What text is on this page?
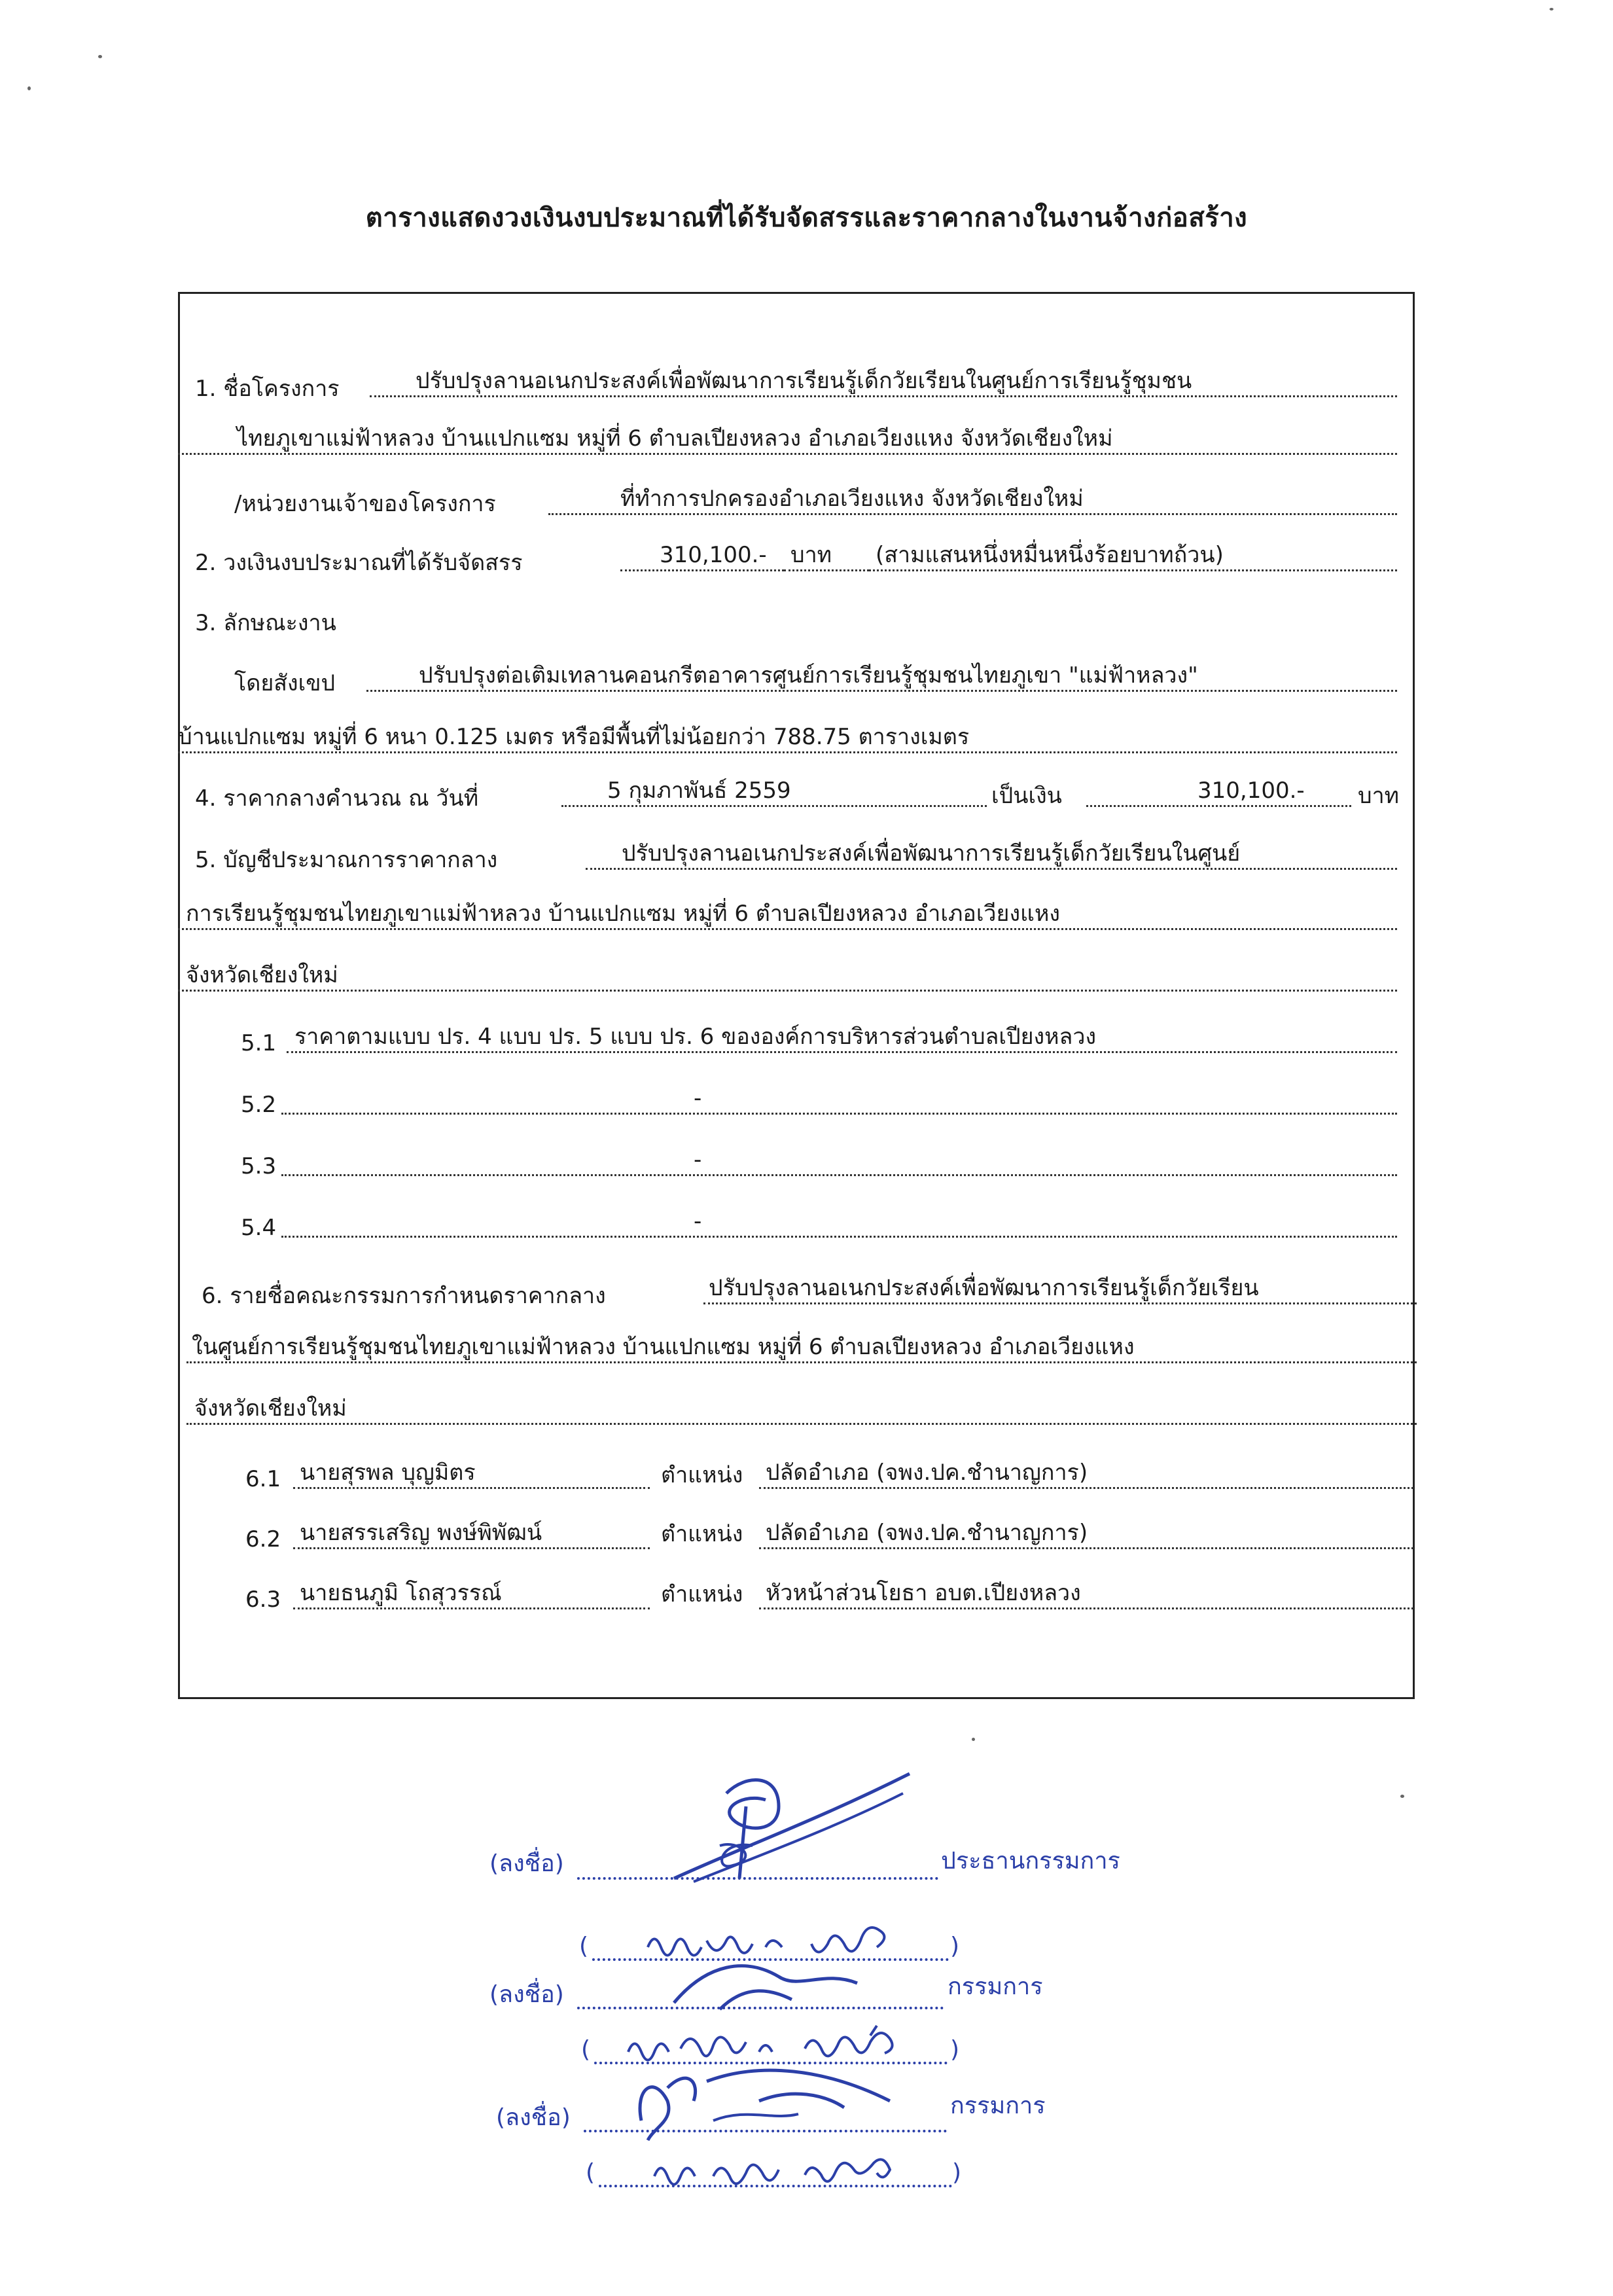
ตารางแสดงวงเงินงบประมาณที่ได้รับจัดสรรและราคากลางในงานจ้างก่อสร้าง
1. ชื่อโครงการ	ปรับปรุงลานอเนกประสงค์เพื่อพัฒนาการเรียนรู้เด็กวัยเรียนในศูนย์การเรียนรู้ชุมชน
ไทยภูเขาแม่ฟ้าหลวง บ้านแปกแซม หมู่ที่ 6 ตำบลเปียงหลวง อำเภอเวียงแหง จังหวัดเชียงใหม่
/หน่วยงานเจ้าของโครงการ	ที่ทำการปกครองอำเภอเวียงแหง จังหวัดเชียงใหม่
2. วงเงินงบประมาณที่ได้รับจัดสรร	310,100.-	บาท	(สามแสนหนึ่งหมื่นหนึ่งร้อยบาทถ้วน)
3. ลักษณะงาน
โดยสังเขป	ปรับปรุงต่อเติมเทลานคอนกรีตอาคารศูนย์การเรียนรู้ชุมชนไทยภูเขา "แม่ฟ้าหลวง"
บ้านแปกแซม หมู่ที่ 6 หนา 0.125 เมตร หรือมีพื้นที่ไม่น้อยกว่า 788.75 ตารางเมตร
4. ราคากลางคำนวณ ณ วันที่	5 กุมภาพันธ์ 2559	เป็นเงิน	310,100.-	บาท
5. บัญชีประมาณการราคากลาง	ปรับปรุงลานอเนกประสงค์เพื่อพัฒนาการเรียนรู้เด็กวัยเรียนในศูนย์
การเรียนรู้ชุมชนไทยภูเขาแม่ฟ้าหลวง บ้านแปกแซม หมู่ที่ 6 ตำบลเปียงหลวง อำเภอเวียงแหง
จังหวัดเชียงใหม่
5.1 ราคาตามแบบ ปร. 4 แบบ ปร. 5 แบบ ปร. 6 ขององค์การบริหารส่วนตำบลเปียงหลวง
5.2	-
5.3	-
5.4	-
6. รายชื่อคณะกรรมการกำหนดราคากลาง	ปรับปรุงลานอเนกประสงค์เพื่อพัฒนาการเรียนรู้เด็กวัยเรียน
ในศูนย์การเรียนรู้ชุมชนไทยภูเขาแม่ฟ้าหลวง บ้านแปกแซม หมู่ที่ 6 ตำบลเปียงหลวง อำเภอเวียงแหง
จังหวัดเชียงใหม่
6.1 นายสุรพล บุญมิตร	ตำแหน่ง ปลัดอำเภอ (จพง.ปค.ชำนาญการ)
6.2 นายสรรเสริญ พงษ์พิพัฒน์	ตำแหน่ง ปลัดอำเภอ (จพง.ปค.ชำนาญการ)
6.3 นายธนภูมิ โถสุวรรณ์	ตำแหน่ง หัวหน้าส่วนโยธา อบต.เปียงหลวง
(ลงชื่อ)	ประธานกรรมการ
(	)
(ลงชื่อ)	กรรมการ
(	)
(ลงชื่อ)	กรรมการ
(	)
